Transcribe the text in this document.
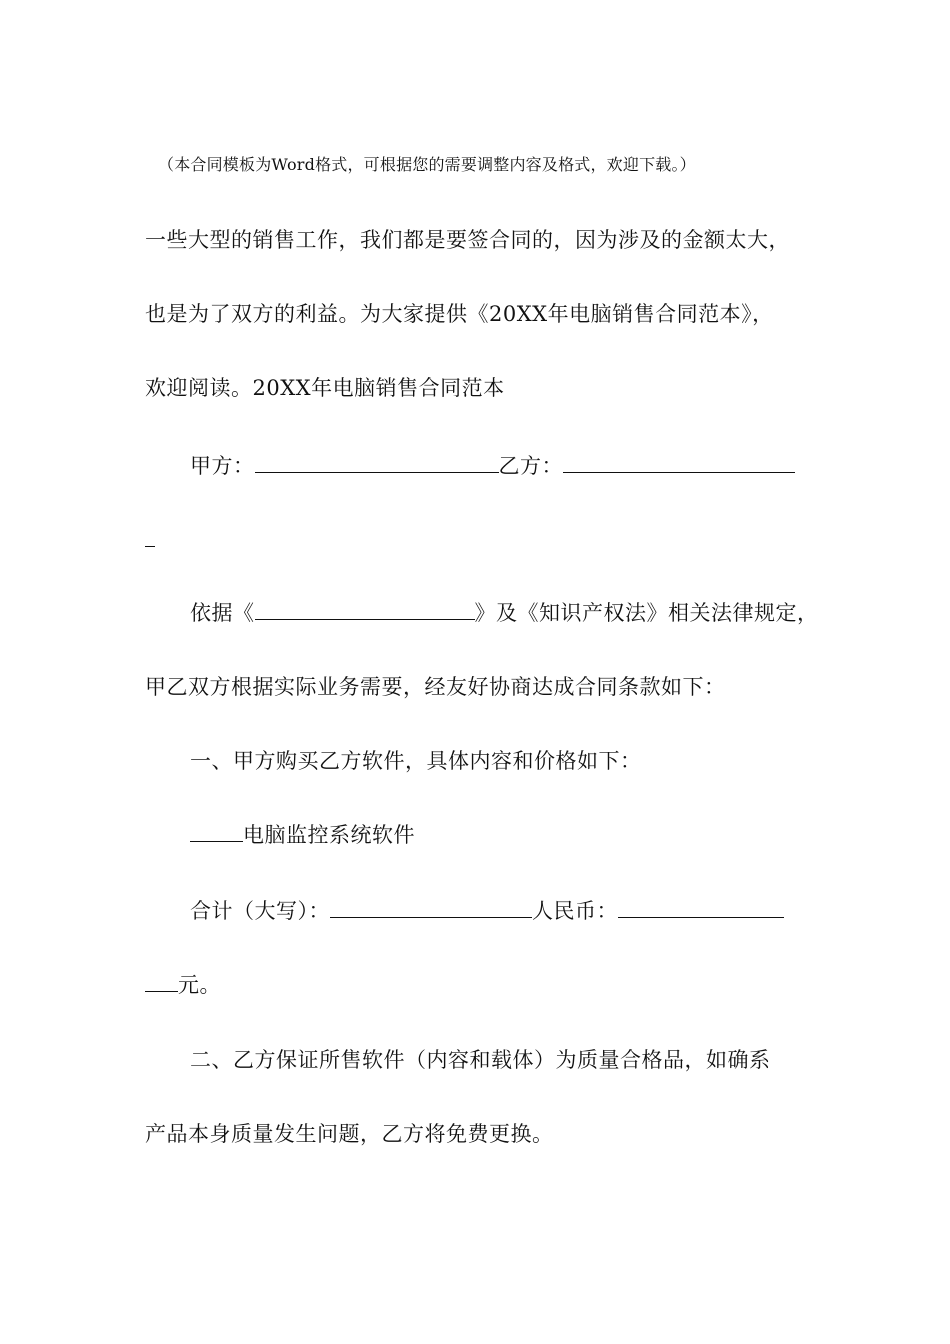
（本合同模板为Word格式，可根据您的需要调整内容及格式，欢迎下载。）
一些大型的销售工作，我们都是要签合同的，因为涉及的金额太大，
也是为了双方的利益。为大家提供《20XX年电脑销售合同范本》，
欢迎阅读。20XX年电脑销售合同范本
甲方：	乙方：
依据《	》及《知识产权法》相关法律规定，
甲乙双方根据实际业务需要，经友好协商达成合同条款如下：
一、甲方购买乙方软件，具体内容和价格如下：
电脑监控系统软件
合计（大写）：	人民币：
元。
二、乙方保证所售软件（内容和载体）为质量合格品，如确系
产品本身质量发生问题，乙方将免费更换。
